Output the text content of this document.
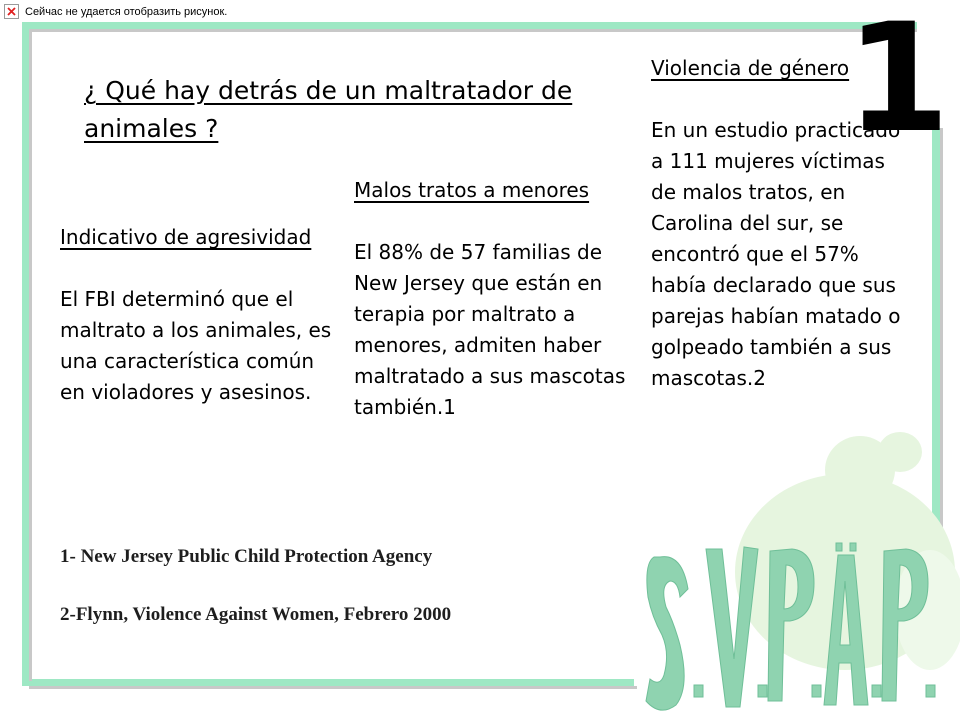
Сейчас не удается отобразить рисунок.	1
¿ Qué hay detrás de un maltratador de animales ?
Indicativo de agresividad
El FBI determinó que el maltrato a los animales, es una característica común en violadores y asesinos.
Malos tratos a menores
El 88% de 57 familias de New Jersey que están en terapia por maltrato a menores, admiten haber maltratado a sus mascotas también.1
Violencia de género
En un estudio practicado a 111 mujeres víctimas de malos tratos, en Carolina del sur, se encontró que el 57% había declarado que sus parejas habían matado o golpeado también a sus mascotas.2
1- New Jersey Public Child Protection Agency
2-Flynn, Violence Against Women, Febrero 2000
